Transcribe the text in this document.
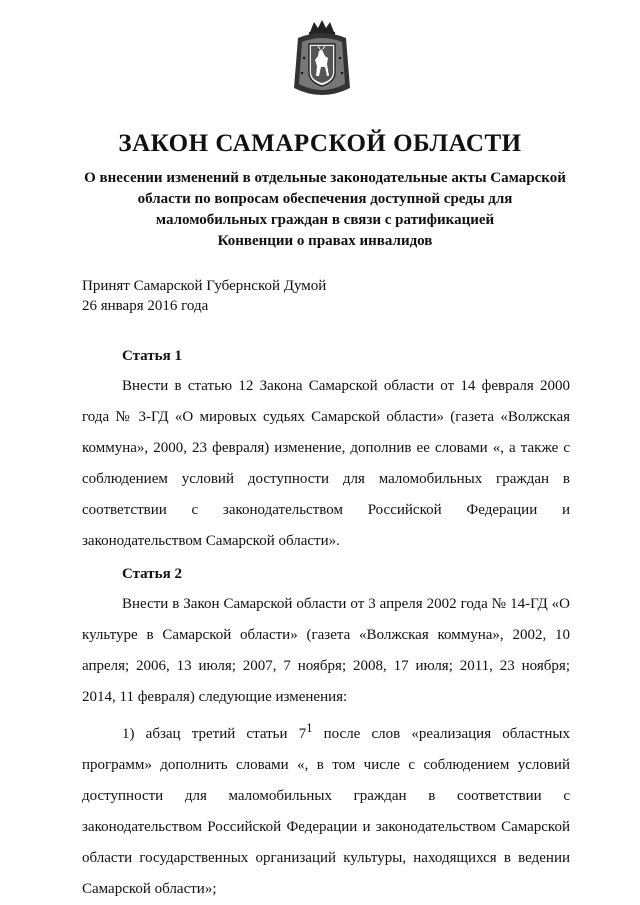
ЗАКОН САМАРСКОЙ ОБЛАСТИ
О внесении изменений в отдельные законодательные акты Самарской
области по вопросам обеспечения доступной среды для
маломобильных граждан в связи с ратификацией
Конвенции о правах инвалидов
Принят Самарской Губернской Думой
26 января 2016 года
Статья 1

Внести в статью 12 Закона Самарской области от 14 февраля 2000 года № 3-ГД «О мировых судьях Самарской области» (газета «Волжская коммуна», 2000, 23 февраля) изменение, дополнив ее словами «, а также с соблюдением условий доступности для маломобильных граждан в соответствии с законодательством Российской Федерации и законодательством Самарской области».

Статья 2

Внести в Закон Самарской области от 3 апреля 2002 года № 14-ГД «О культуре в Самарской области» (газета «Волжская коммуна», 2002, 10 апреля; 2006, 13 июля; 2007, 7 ноября; 2008, 17 июля; 2011, 23 ноября; 2014, 11 февраля) следующие изменения:

1) абзац третий статьи $7^1$ после слов «реализация областных программ» дополнить словами «, в том числе с соблюдением условий доступности для маломобильных граждан в соответствии с законодательством Российской Федерации и законодательством Самарской области государственных организаций культуры, находящихся в ведении Самарской области»;
